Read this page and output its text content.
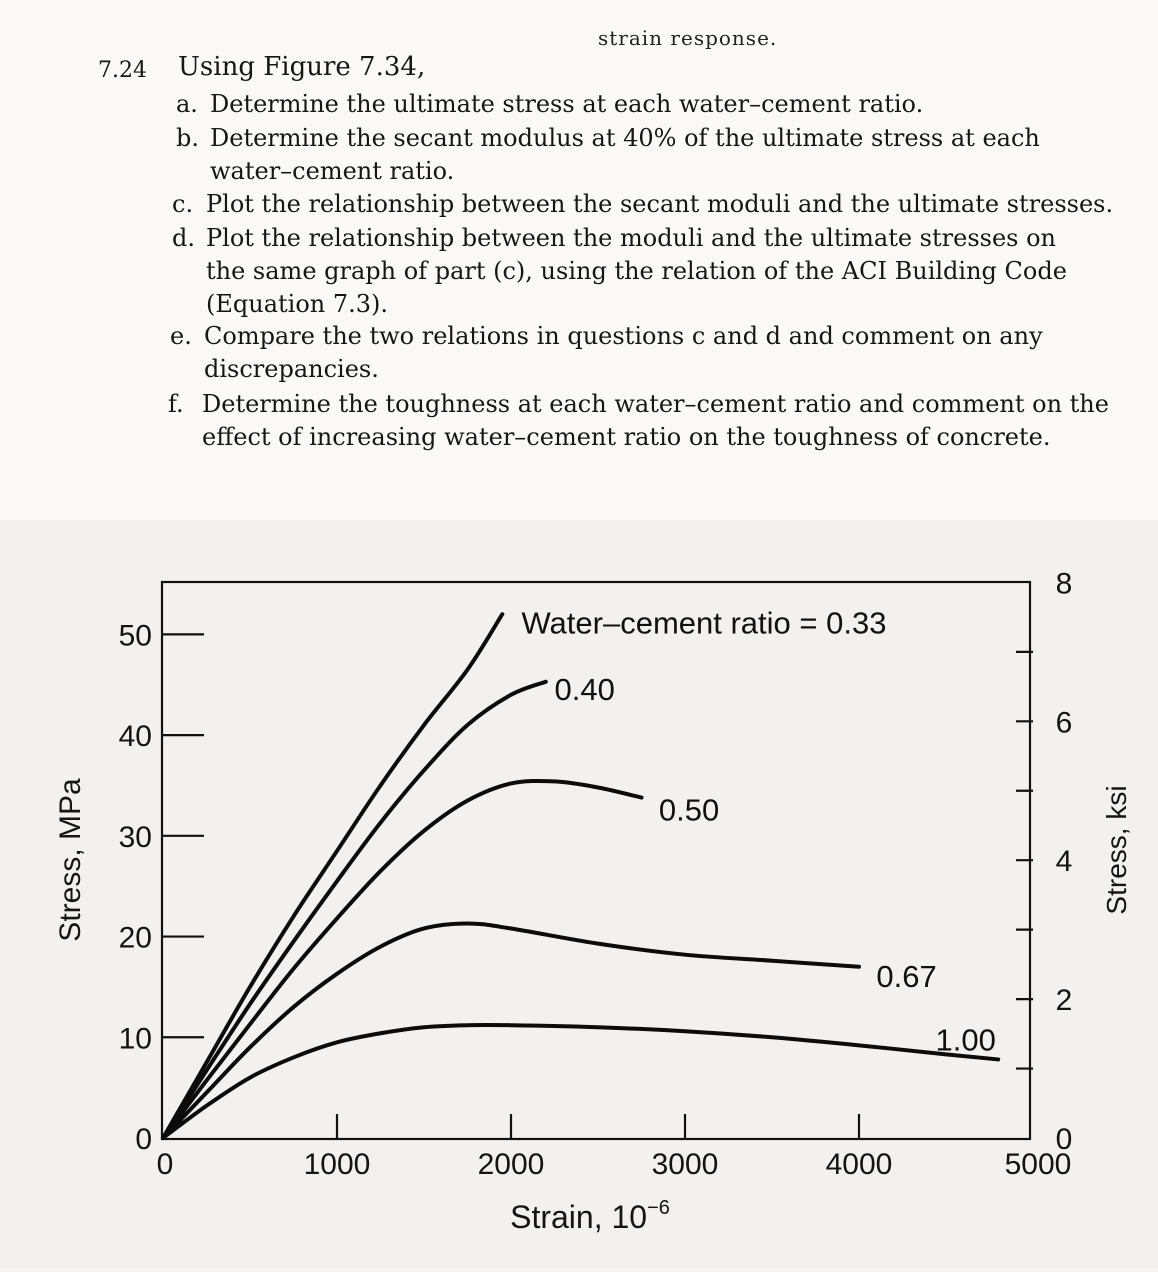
strain response.
7.24 Using Figure 7.34,
a. Determine the ultimate stress at each water–cement ratio.
b. Determine the secant modulus at 40% of the ultimate stress at each
water–cement ratio.
c. Plot the relationship between the secant moduli and the ultimate stresses.
d. Plot the relationship between the moduli and the ultimate stresses on
the same graph of part (c), using the relation of the ACI Building Code
(Equation 7.3).
e. Compare the two relations in questions c and d and comment on any
discrepancies.
f. Determine the toughness at each water–cement ratio and comment on the
effect of increasing water–cement ratio on the toughness of concrete.
Water–cement ratio = 0.33
0.40
0.50
0.67
1.00
0	1000	2000	3000	4000	5000
0
10
20
30
40
50
0
2
4
6
8
Stress, MPa	Stress, ksi
Strain, $10^{-6}$
